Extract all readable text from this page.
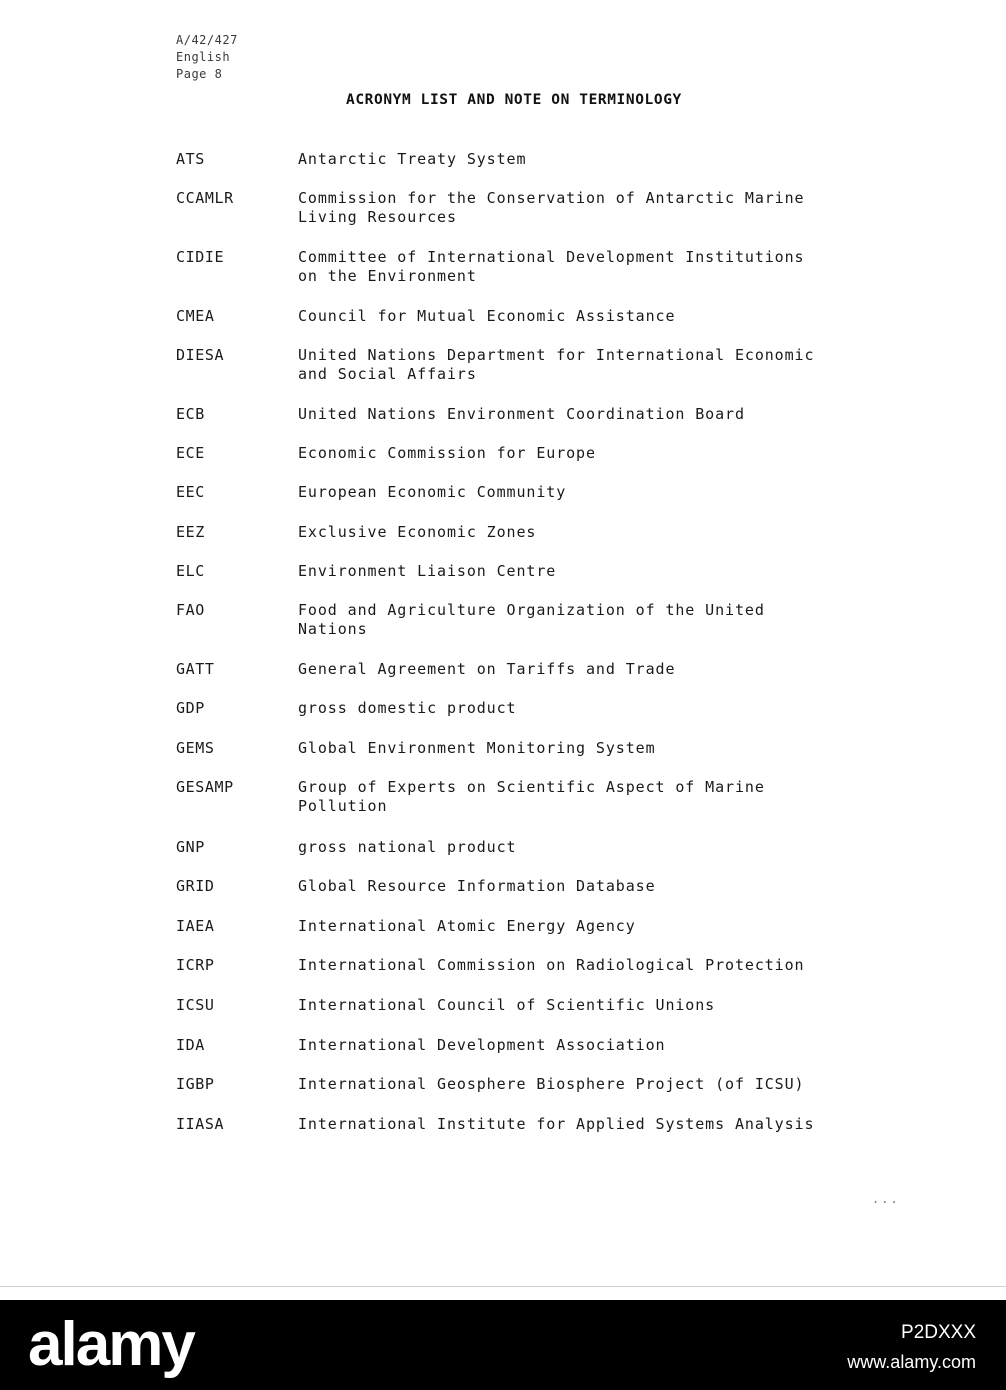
A/42/427
English
Page 8
ACRONYM LIST AND NOTE ON TERMINOLOGY
ATS	Antarctic Treaty System
CCAMLR	Commission for the Conservation of Antarctic Marine
Living Resources
CIDIE	Committee of International Development Institutions
on the Environment
CMEA	Council for Mutual Economic Assistance
DIESA	United Nations Department for International Economic
and Social Affairs
ECB	United Nations Environment Coordination Board
ECE	Economic Commission for Europe
EEC	European Economic Community
EEZ	Exclusive Economic Zones
ELC	Environment Liaison Centre
FAO	Food and Agriculture Organization of the United
Nations
GATT	General Agreement on Tariffs and Trade
GDP	gross domestic product
GEMS	Global Environment Monitoring System
GESAMP	Group of Experts on Scientific Aspect of Marine
Pollution
GNP	gross national product
GRID	Global Resource Information Database
IAEA	International Atomic Energy Agency
ICRP	International Commission on Radiological Protection
ICSU	International Council of Scientific Unions
IDA	International Development Association
IGBP	International Geosphere Biosphere Project (of ICSU)
IIASA	International Institute for Applied Systems Analysis
...
alamy	P2DXXX
www.alamy.com
